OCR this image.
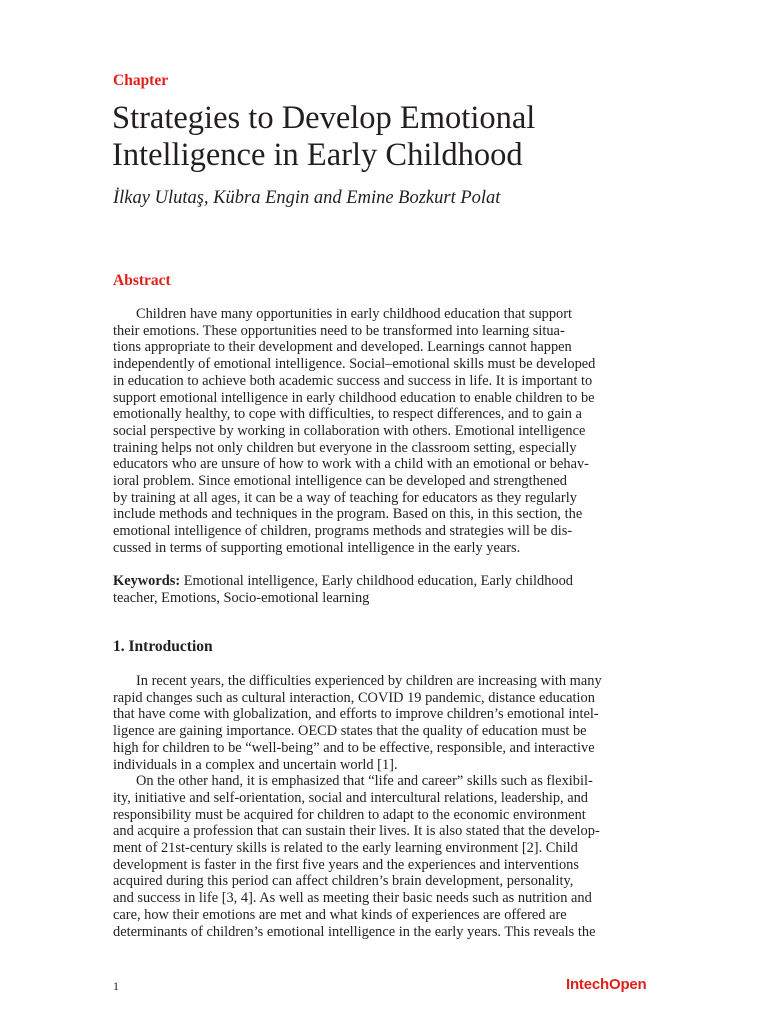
Chapter
Strategies to Develop Emotional
Intelligence in Early Childhood
İlkay Ulutaş, Kübra Engin and Emine Bozkurt Polat
Abstract
Children have many opportunities in early childhood education that support
their emotions. These opportunities need to be transformed into learning situa-
tions appropriate to their development and developed. Learnings cannot happen
independently of emotional intelligence. Social–emotional skills must be developed
in education to achieve both academic success and success in life. It is important to
support emotional intelligence in early childhood education to enable children to be
emotionally healthy, to cope with difficulties, to respect differences, and to gain a
social perspective by working in collaboration with others. Emotional intelligence
training helps not only children but everyone in the classroom setting, especially
educators who are unsure of how to work with a child with an emotional or behav-
ioral problem. Since emotional intelligence can be developed and strengthened
by training at all ages, it can be a way of teaching for educators as they regularly
include methods and techniques in the program. Based on this, in this section, the
emotional intelligence of children, programs methods and strategies will be dis-
cussed in terms of supporting emotional intelligence in the early years.
Keywords: Emotional intelligence, Early childhood education, Early childhood
teacher, Emotions, Socio-emotional learning
1. Introduction
In recent years, the difficulties experienced by children are increasing with many
rapid changes such as cultural interaction, COVID 19 pandemic, distance education
that have come with globalization, and efforts to improve children’s emotional intel-
ligence are gaining importance. OECD states that the quality of education must be
high for children to be “well-being” and to be effective, responsible, and interactive
individuals in a complex and uncertain world [1].
On the other hand, it is emphasized that “life and career” skills such as flexibil-
ity, initiative and self-orientation, social and intercultural relations, leadership, and
responsibility must be acquired for children to adapt to the economic environment
and acquire a profession that can sustain their lives. It is also stated that the develop-
ment of 21st-century skills is related to the early learning environment [2]. Child
development is faster in the first five years and the experiences and interventions
acquired during this period can affect children’s brain development, personality,
and success in life [3, 4]. As well as meeting their basic needs such as nutrition and
care, how their emotions are met and what kinds of experiences are offered are
determinants of children’s emotional intelligence in the early years. This reveals the
1	IntechOpen
